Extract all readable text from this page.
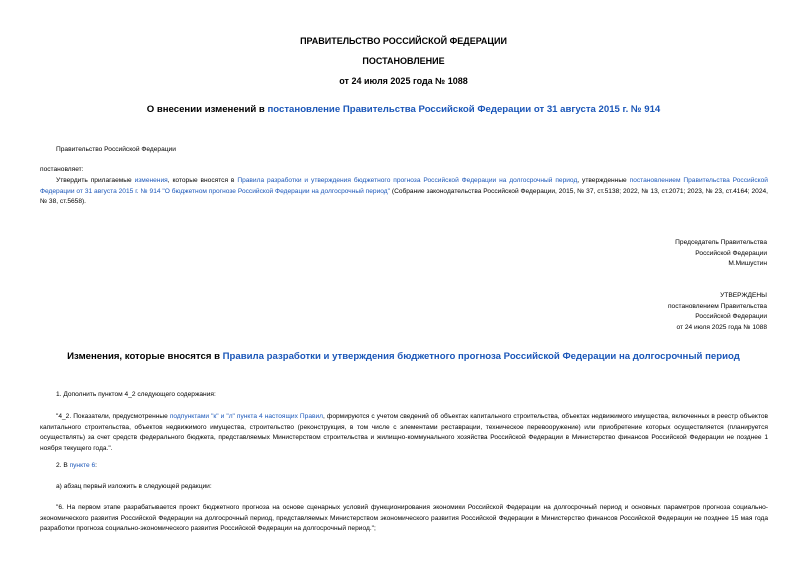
ПРАВИТЕЛЬСТВО РОССИЙСКОЙ ФЕДЕРАЦИИ
ПОСТАНОВЛЕНИЕ
от 24 июля 2025 года № 1088
О внесении изменений в постановление Правительства Российской Федерации от 31 августа 2015 г. № 914
Правительство Российской Федерации
постановляет:
Утвердить прилагаемые изменения, которые вносятся в Правила разработки и утверждения бюджетного прогноза Российской Федерации на долгосрочный период, утвержденные постановлением Правительства Российской Федерации от 31 августа 2015 г. № 914 "О бюджетном прогнозе Российской Федерации на долгосрочный период" (Собрание законодательства Российской Федерации, 2015, № 37, ст.5138; 2022, № 13, ст.2071; 2023, № 23, ст.4164; 2024, № 38, ст.5658).
Председатель Правительства
Российской Федерации
М.Мишустин
УТВЕРЖДЕНЫ
постановлением Правительства
Российской Федерации
от 24 июля 2025 года № 1088
Изменения, которые вносятся в Правила разработки и утверждения бюджетного прогноза Российской Федерации на долгосрочный период
1. Дополнить пунктом 4_2 следующего содержания:
"4_2. Показатели, предусмотренные подпунктами "к" и "л" пункта 4 настоящих Правил, формируются с учетом сведений об объектах капитального строительства, объектах недвижимого имущества, включенных в реестр объектов капитального строительства, объектов недвижимого имущества, строительство (реконструкция, в том числе с элементами реставрации, техническое перевооружение) или приобретение которых осуществляется (планируется осуществлять) за счет средств федерального бюджета, представляемых Министерством строительства и жилищно-коммунального хозяйства Российской Федерации в Министерство финансов Российской Федерации не позднее 1 ноября текущего года.".
2. В пункте 6:
а) абзац первый изложить в следующей редакции:
"6. На первом этапе разрабатывается проект бюджетного прогноза на основе сценарных условий функционирования экономики Российской Федерации на долгосрочный период и основных параметров прогноза социально-экономического развития Российской Федерации на долгосрочный период, представляемых Министерством экономического развития Российской Федерации в Министерство финансов Российской Федерации не позднее 15 мая года разработки прогноза социально-экономического развития Российской Федерации на долгосрочный период.";
